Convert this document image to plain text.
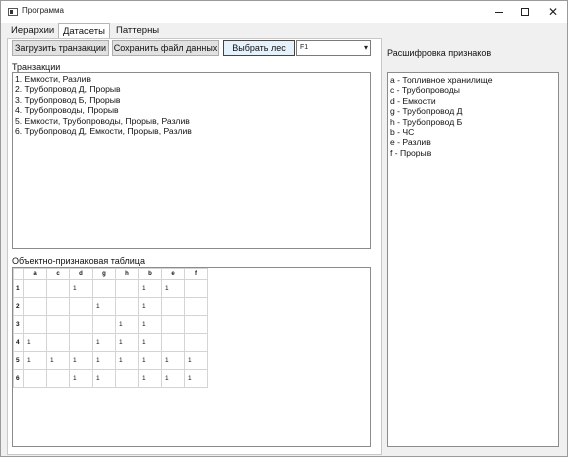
Программа	✕
Иерархии Датасеты	Паттерны
Загрузить транзакции Сохранить файл данных	Выбрать лес	F1	▾
Транзакции
1. Емкости, Разлив
2. Трубопровод Д, Прорыв
3. Трубопровод Б, Прорыв
4. Трубопроводы, Прорыв
5. Емкости, Трубопроводы, Прорыв, Разлив
6. Трубопровод Д, Емкости, Прорыв, Разлив
Объектно-признаковая таблица
	a	c	d	g	h	b	e	f
1			1			1	1	
2				1		1		
3					1	1		
4	1			1	1	1		
5	1	1	1	1	1	1	1	1
6			1	1		1	1	1
Расшифровка признаков
a - Топливное хранилище
c - Трубопроводы
d - Емкости
g - Трубопровод Д
h - Трубопровод Б
b - ЧС
e - Разлив
f - Прорыв
